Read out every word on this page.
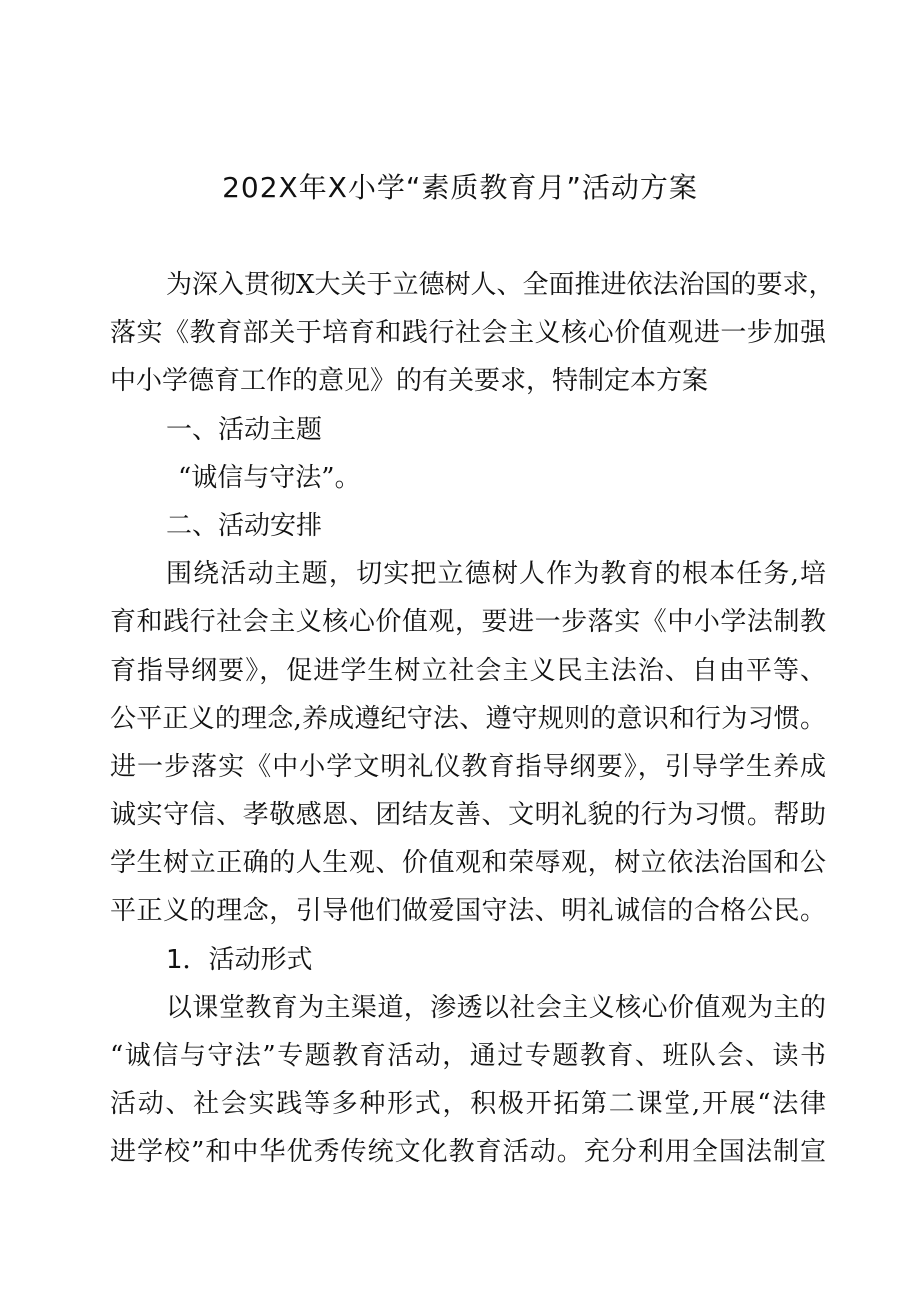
202X年X小学“素质教育月”活动方案
为深入贯彻X大关于立德树人、全面推进依法治国的要求，
落实《教育部关于培育和践行社会主义核心价值观进一步加强
中小学德育工作的意见》的有关要求，特制定本方案
一、活动主题
“诚信与守法”。
二、活动安排
围绕活动主题，切实把立德树人作为教育的根本任务,培
育和践行社会主义核心价值观，要进一步落实《中小学法制教
育指导纲要》，促进学生树立社会主义民主法治、自由平等、
公平正义的理念,养成遵纪守法、遵守规则的意识和行为习惯。
进一步落实《中小学文明礼仪教育指导纲要》，引导学生养成
诚实守信、孝敬感恩、团结友善、文明礼貌的行为习惯。帮助
学生树立正确的人生观、价值观和荣辱观，树立依法治国和公
平正义的理念，引导他们做爱国守法、明礼诚信的合格公民。
1．活动形式
以课堂教育为主渠道，渗透以社会主义核心价值观为主的
“诚信与守法”专题教育活动，通过专题教育、班队会、读书
活动、社会实践等多种形式，积极开拓第二课堂,开展“法律
进学校”和中华优秀传统文化教育活动。充分利用全国法制宣
